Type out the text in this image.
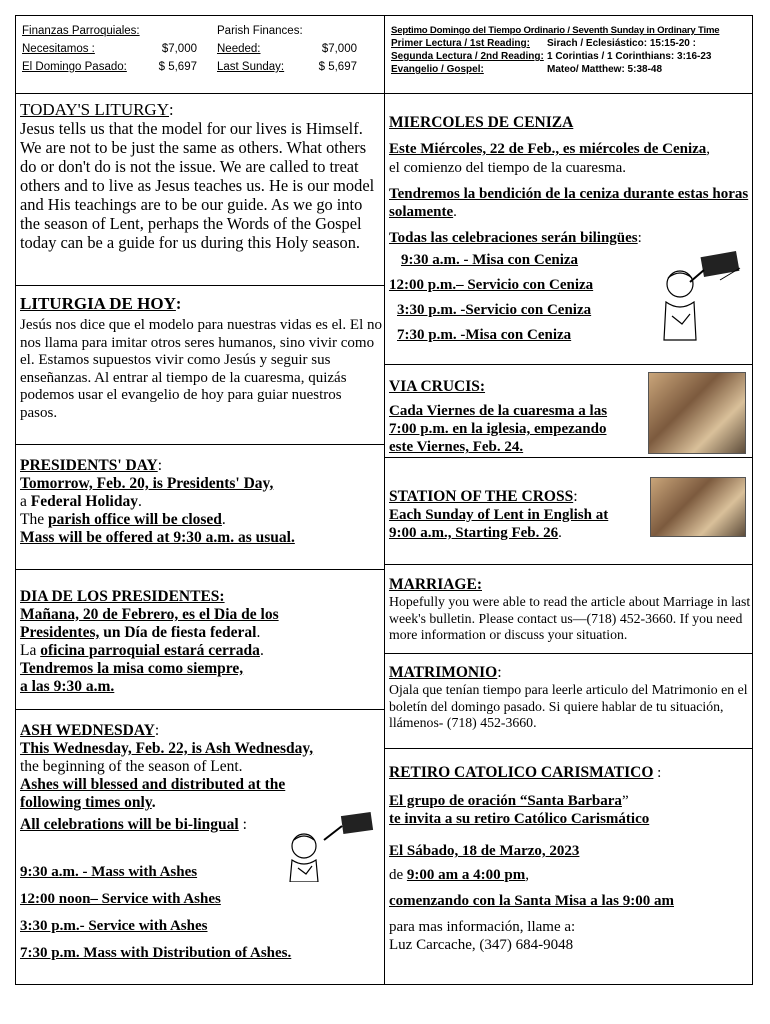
Finanzas Parroquiales:
Necesitamos :	$7,000
El Domingo Pasado:	$ 5,697
Parish Finances:
Needed:	$7,000
Last Sunday:	$ 5,697
Septimo Domingo del Tiempo Ordinario / Seventh Sunday in Ordinary Time
Primer Lectura / 1st Reading:	Sirach / Eclesiástico: 15:15-20 :
Segunda Lectura / 2nd Reading: 1 Corintias / 1 Corinthians: 3:16-23
Evangelio / Gospel:	Mateo/ Matthew: 5:38-48
TODAY'S LITURGY:
Jesus tells us that the model for our lives is Himself. We are not to be just the same as others. What others do or don't do is not the issue. We are called to treat others and to live as Jesus teaches us. He is our model and His teachings are to be our guide. As we go into the season of Lent, perhaps the Words of the Gospel today can be a guide for us during this Holy season.
LITURGIA DE HOY:
Jesús nos dice que el modelo para nuestras vidas es el. El no nos llama para imitar otros seres humanos, sino vivir como el. Estamos supuestos vivir como Jesús y seguir sus enseñanzas. Al entrar al tiempo de la cuaresma, quizás podemos usar el evangelio de hoy para guiar nuestros pasos.
PRESIDENTS' DAY:
Tomorrow, Feb. 20, is Presidents' Day,
a Federal Holiday.
The parish office will be closed.
Mass will be offered at 9:30 a.m. as usual.
DIA DE LOS PRESIDENTES:
Mañana, 20 de Febrero, es el Dia de los
Presidentes, un Día de fiesta federal.
La oficina parroquial estará cerrada.
Tendremos la misa como siempre,
a las 9:30 a.m.
ASH WEDNESDAY:
This Wednesday, Feb. 22, is Ash Wednesday,
the beginning of the season of Lent.
Ashes will blessed and distributed at the
following times only.
All celebrations will be bi-lingual :
9:30 a.m. - Mass with Ashes
12:00 noon– Service with Ashes
3:30 p.m.- Service with Ashes
7:30 p.m. Mass with Distribution of Ashes.
MIERCOLES DE CENIZA
Este Miércoles, 22 de Feb., es miércoles de Ceniza,
el comienzo del tiempo de la cuaresma.
Tendremos la bendición de la ceniza durante estas horas solamente.
Todas las celebraciones serán bilingües:
9:30 a.m. - Misa con Ceniza
12:00 p.m.– Servicio con Ceniza
3:30 p.m. -Servicio con Ceniza
7:30 p.m. -Misa con Ceniza
VIA CRUCIS:
Cada Viernes de la cuaresma a las 7:00 p.m. en la iglesia, empezando este Viernes, Feb. 24.
STATION OF THE CROSS:
Each Sunday of Lent in English at 9:00 a.m., Starting Feb. 26.
MARRIAGE:
Hopefully you were able to read the article about Marriage in last week's bulletin. Please contact us—(718) 452-3660. If you need more information or discuss your situation.
MATRIMONIO:
Ojala que tenían tiempo para leerle articulo del Matrimonio en el boletín del domingo pasado. Si quiere hablar de tu situación, llámenos- (718) 452-3660.
RETIRO CATOLICO CARISMATICO :
El grupo de oración “Santa Barbara”
te invita a su retiro Católico Carismático
El Sábado, 18 de Marzo, 2023
de 9:00 am a 4:00 pm,
comenzando con la Santa Misa a las 9:00 am
para mas información, llame a:
Luz Carcache, (347) 684-9048
